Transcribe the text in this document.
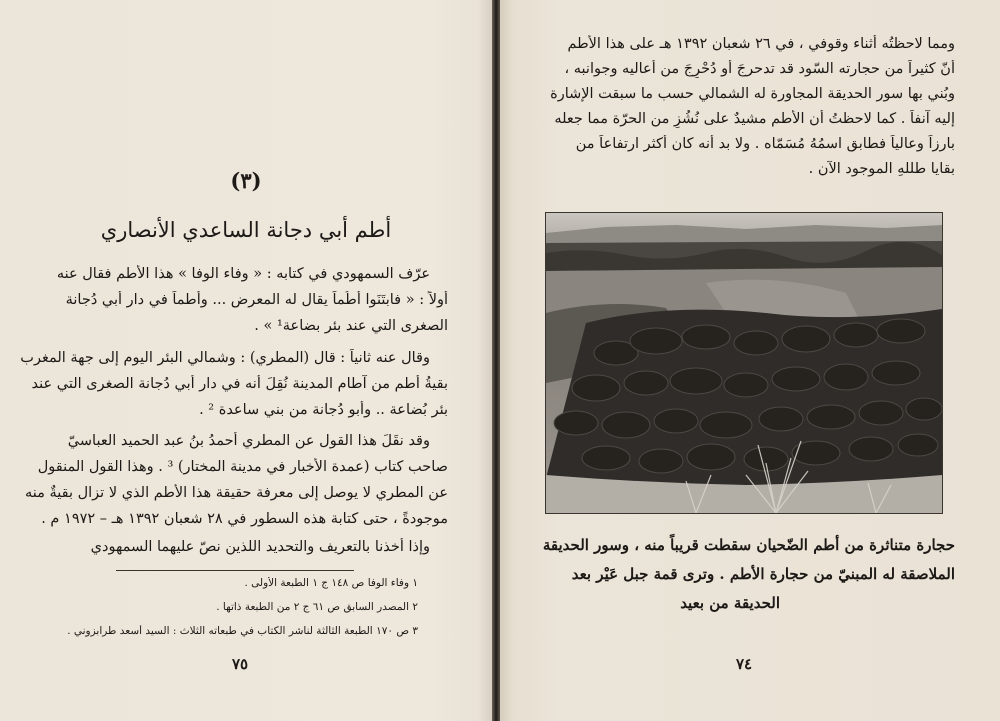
(٣)
أطم أبي دجانة الساعدي الأنصاري
عرّف السمهودي في كتابه : « وفاء الوفا » هذا الأطم فقال عنه
أولاً : « فابتَنَوا أُطُماً يقال له المعرض ... وأطماً في دار أبي دُجانة
الصغرى التي عند بئر بضاعة¹ » .
وقال عنه ثانياً : قال (المطري) : وشمالي البئر اليوم إلى جهة المغرب
بقيةُ أطم من آطام المدينة نُقِلَ أنه في دار أبي دُجانة الصغرى التي عند
بئر بُضاعة .. وأبو دُجانة من بني ساعدة ² .
وقد نقَلَ هذا القول عن المطري أحمدُ بنُ عبد الحميد العباسيّ
صاحب كتاب (عمدة الأخبار في مدينة المختار) ³ . وهذا القول المنقول
عن المطري لا يوصل إلى معرفة حقيقة هذا الأطم الذي لا تزال بقيةٌ منه
موجودةً ، حتى كتابة هذه السطور في ٢٨ شعبان ١٣٩٢ هـ – ١٩٧٢ م .
وإذا أخذنا بالتعريف والتحديد اللذين نصّ عليهما السمهودي
١ وفاء الوفا ص ١٤٨ ج ١ الطبعة الأولى .
٢ المصدر السابق ص ٦١ ج ٢ من الطبعة ذاتها .
٣ ص ١٧٠ الطبعة الثالثة لناشر الكتاب في طبعاته الثلاث : السيد أسعد طرابزوني .
٧٥
ومما لاحظتُه أثناء وقوفي ، في ٢٦ شعبان ١٣٩٢ هـ على هذا الأطم
أنّ كثيراً من حجارته السّود قد تدحرجَ أو دُحْرِجَ من أعاليه وجوانبه ،
وبُني بها سور الحديقة المجاورة له الشمالي حسب ما سبقت الإشارة
إليه آنفاً . كما لاحظتُ أن الأطم مشيدٌ على نُشُزٍ من الحرّة مما جعله
بارزاً وعالياً فطابق اسمُهُ مُسَمّاه . ولا بد أنه كان أكثر ارتفاعاً من
بقايا طللهِ الموجود الآن .
حجارة متناثرة من أطم الضّحيان سقطت قريباً منه ، وسور الحديقة
الملاصقة له المبنيّ من حجارة الأطم . وترى قمة جبل عَيْر بعد
الحديقة من بعيد
٧٤
